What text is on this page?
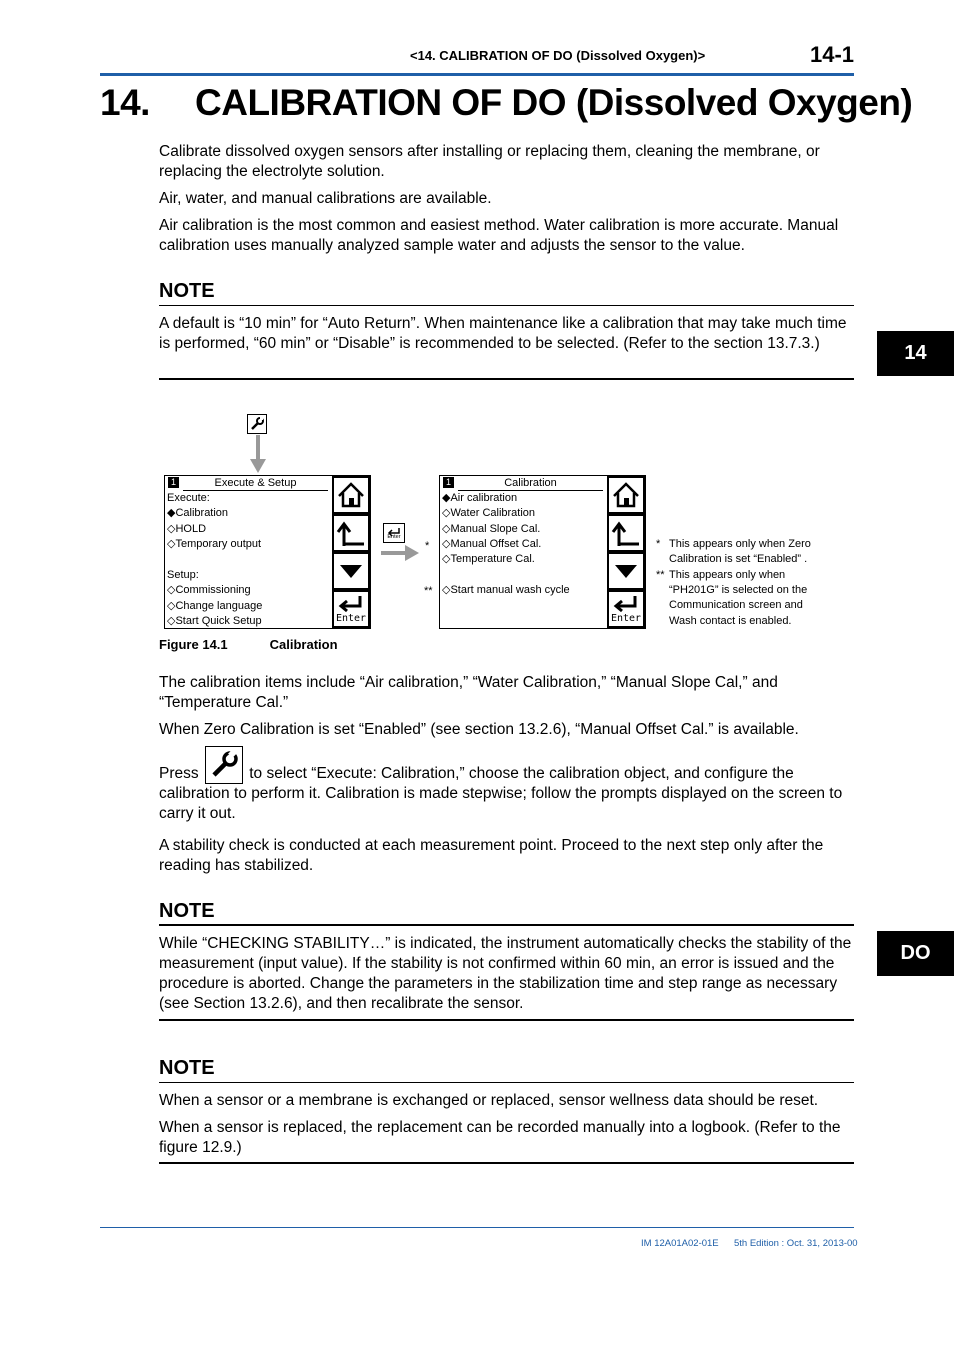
<14. CALIBRATION OF DO (Dissolved Oxygen)>	14-1
14. CALIBRATION OF DO (Dissolved Oxygen)
14
DO
Calibrate dissolved oxygen sensors after installing or replacing them, cleaning the membrane, or replacing the electrolyte solution.
Air, water, and manual calibrations are available.
Air calibration is the most common and easiest method. Water calibration is more accurate. Manual calibration uses manually analyzed sample water and adjusts the sensor to the value.
NOTE
A default is “10 min” for “Auto Return”. When maintenance like a calibration that may take much time is performed, “60 min” or “Disable” is recommended to be selected. (Refer to the section 13.7.3.)
1	Execute & Setup
Execute:
◆Calibration
◇HOLD
◇Temporary output
Setup:
◇Commissioning
◇Change language
◇Start Quick Setup	Enter
Enter
*
**
1	Calibration
◆Air calibration
◇Water Calibration
◇Manual Slope Cal.
◇Manual Offset Cal.
◇Temperature Cal.
◇Start manual wash cycle
Enter
* This appears only when Zero
Calibration is set “Enabled” .
** This appears only when
“PH201G” is selected on the
Communication screen and
Wash contact is enabled.
Figure 14.1	Calibration
The calibration items include “Air calibration,” “Water Calibration,” “Manual Slope Cal,” and “Temperature Cal.”
When Zero Calibration is set “Enabled” (see section 13.2.6), “Manual Offset Cal.” is available.
Press	to select “Execute: Calibration,” choose the calibration object, and configure the calibration to perform it. Calibration is made stepwise; follow the prompts displayed on the screen to carry it out.
A stability check is conducted at each measurement point. Proceed to the next step only after the reading has stabilized.
NOTE
While “CHECKING STABILITY…” is indicated, the instrument automatically checks the stability of the measurement (input value). If the stability is not confirmed within 60 min, an error is issued and the procedure is aborted. Change the parameters in the stabilization time and step range as necessary (see Section 13.2.6), and then recalibrate the sensor.
NOTE
When a sensor or a membrane is exchanged or replaced, sensor wellness data should be reset.
When a sensor is replaced, the replacement can be recorded manually into a logbook. (Refer to the figure 12.9.)
IM 12A01A02-01E 5th Edition : Oct. 31, 2013-00
